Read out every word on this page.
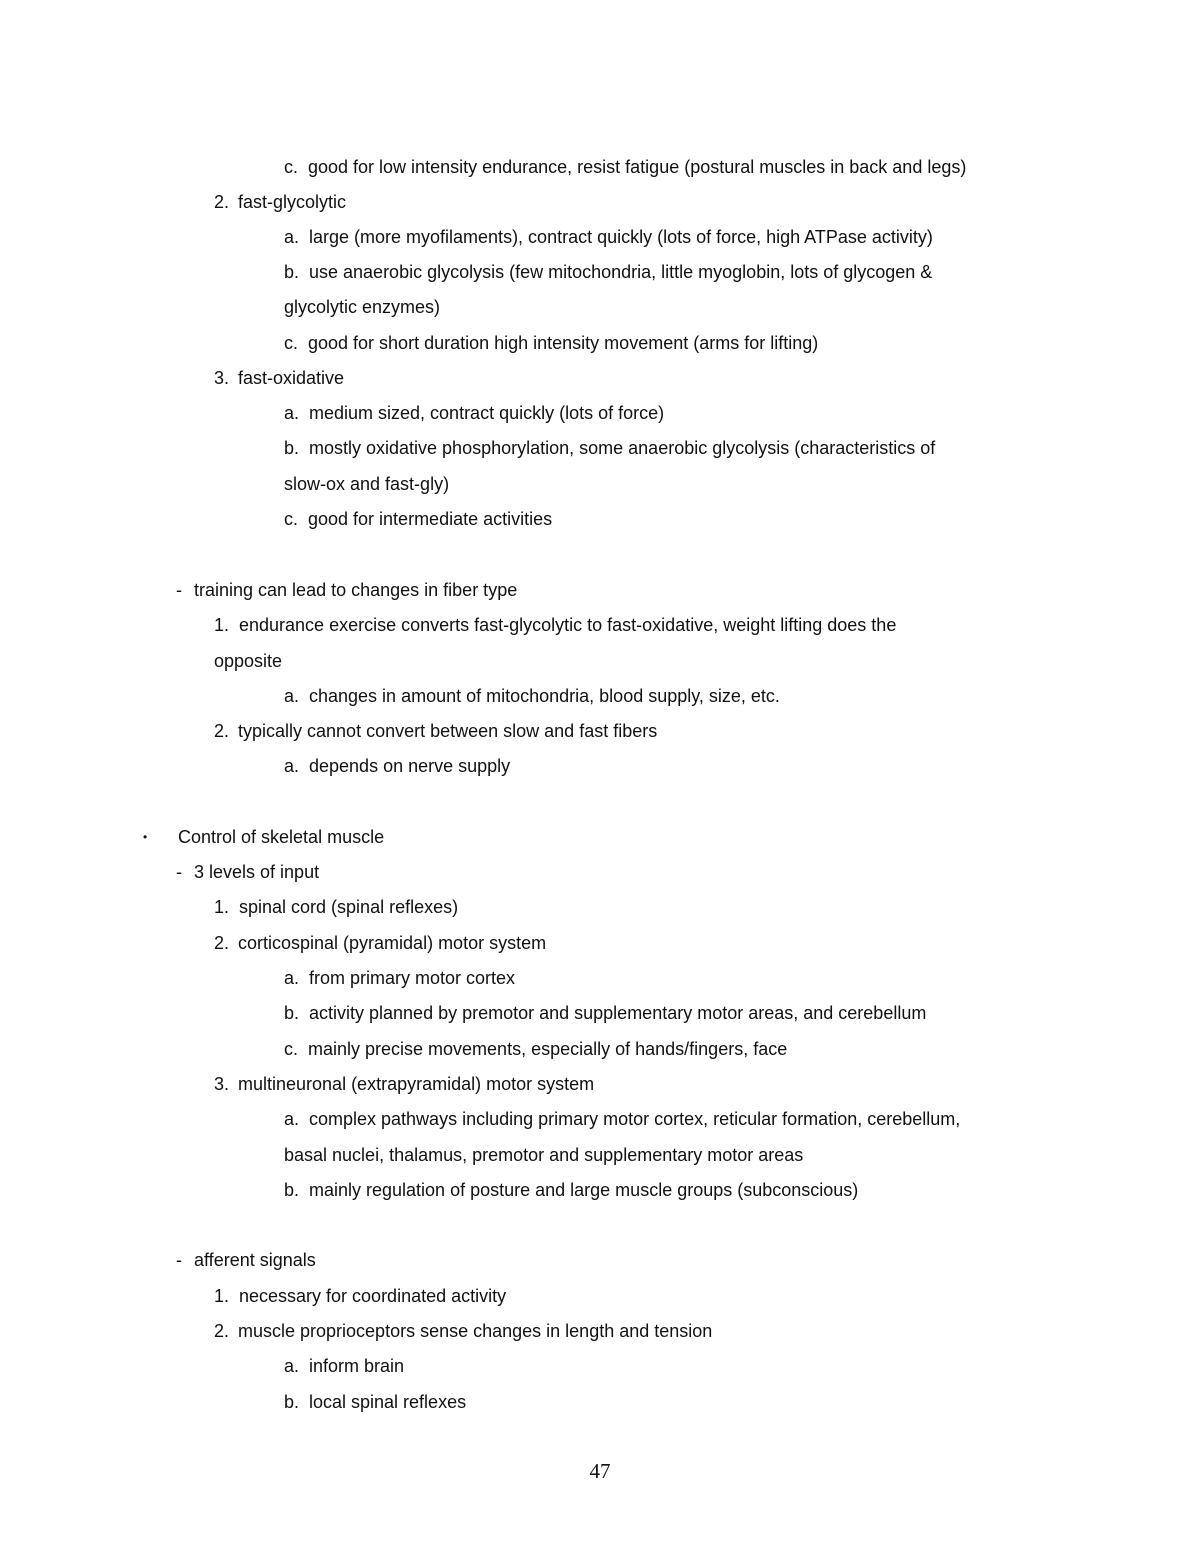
c. good for low intensity endurance, resist fatigue (postural muscles in back and legs)
2. fast-glycolytic
a. large (more myofilaments), contract quickly (lots of force, high ATPase activity)
b. use anaerobic glycolysis (few mitochondria, little myoglobin, lots of glycogen &
glycolytic enzymes)
c. good for short duration high intensity movement (arms for lifting)
3. fast-oxidative
a. medium sized, contract quickly (lots of force)
b. mostly oxidative phosphorylation, some anaerobic glycolysis (characteristics of
slow-ox and fast-gly)
c. good for intermediate activities
- training can lead to changes in fiber type
1. endurance exercise converts fast-glycolytic to fast-oxidative, weight lifting does the
opposite
a. changes in amount of mitochondria, blood supply, size, etc.
2. typically cannot convert between slow and fast fibers
a. depends on nerve supply
• Control of skeletal muscle
- 3 levels of input
1. spinal cord (spinal reflexes)
2. corticospinal (pyramidal) motor system
a. from primary motor cortex
b. activity planned by premotor and supplementary motor areas, and cerebellum
c. mainly precise movements, especially of hands/fingers, face
3. multineuronal (extrapyramidal) motor system
a. complex pathways including primary motor cortex, reticular formation, cerebellum,
basal nuclei, thalamus, premotor and supplementary motor areas
b. mainly regulation of posture and large muscle groups (subconscious)
- afferent signals
1. necessary for coordinated activity
2. muscle proprioceptors sense changes in length and tension
a. inform brain
b. local spinal reflexes
47
